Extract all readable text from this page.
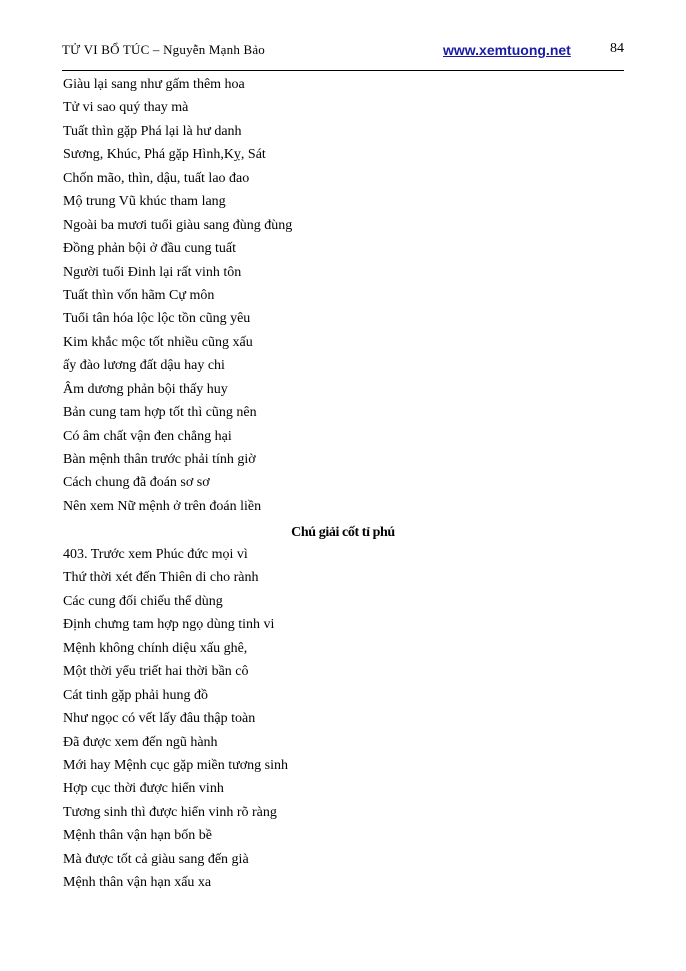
TỬ VI BỔ TÚC – Nguyễn Mạnh Bảo	www.xemtuong.net	84
Giàu lại sang như gấm thêm hoa
Tử vi sao quý thay mà
Tuất thìn gặp Phá lại là hư danh
Sương, Khúc, Phá gặp Hình,Kỵ, Sát
Chốn mão, thìn, dậu, tuất lao đao
Mộ trung Vũ khúc tham lang
Ngoài ba mươi tuổi giàu sang đùng đùng
Đồng phản bội ở đầu cung tuất
Người tuổi Đinh lại rất vinh tôn
Tuất thìn vốn hãm Cự môn
Tuổi tân hóa lộc lộc tồn cũng yêu
Kim khắc mộc tốt nhiều cũng xấu
ấy đào lương đất dậu hay chi
Âm dương phản bội thấy huy
Bản cung tam hợp tốt thì cũng nên
Có âm chất vận đen chẳng hại
Bàn mệnh thân trước phải tính giờ
Cách chung đã đoán sơ sơ
Nên xem Nữ mệnh ở trên đoán liền
Chú giải cốt tỉ phú
403. Trước xem Phúc đức mọi vì
Thứ thời xét đến Thiên di cho rành
Các cung đối chiếu thể dùng
Định chưng tam hợp ngọ dùng tinh vi
Mệnh không chính diệu xấu ghê,
Một thời yểu triết hai thời bần cô
Cát tinh gặp phải hung đồ
Như ngọc có vết lấy đâu thập toàn
Đã được xem đến ngũ hành
Mới hay Mệnh cục gặp miền tương sinh
Hợp cục thời được hiển vinh
Tương sinh thì được hiển vinh rõ ràng
Mệnh thân vận hạn bốn bề
Mà được tốt cả giàu sang đến già
Mệnh thân vận hạn xấu xa
